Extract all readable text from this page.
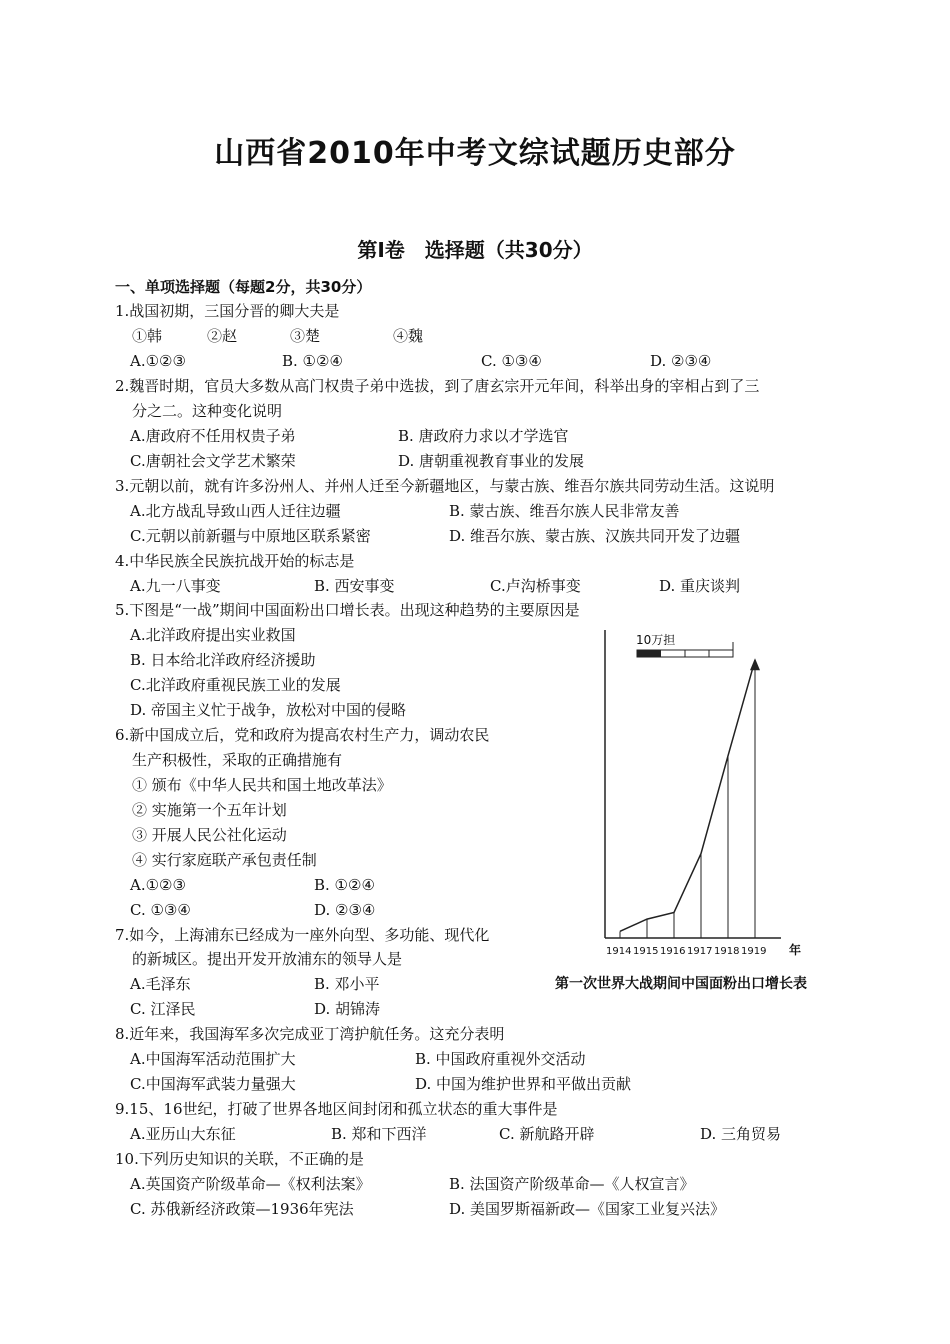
山西省2010年中考文综试题历史部分
第Ⅰ卷　选择题（共30分）
一、单项选择题（每题2分，共30分）
1.战国初期，三国分晋的卿大夫是
①韩	②赵	③楚	④魏
A.①②③	B. ①②④	C. ①③④	D. ②③④
2.魏晋时期，官员大多数从高门权贵子弟中选拔，到了唐玄宗开元年间，科举出身的宰相占到了三
分之二。这种变化说明
A.唐政府不任用权贵子弟	B. 唐政府力求以才学选官
C.唐朝社会文学艺术繁荣	D. 唐朝重视教育事业的发展
3.元朝以前，就有许多汾州人、并州人迁至今新疆地区，与蒙古族、维吾尔族共同劳动生活。这说明
A.北方战乱导致山西人迁往边疆	B. 蒙古族、维吾尔族人民非常友善
C.元朝以前新疆与中原地区联系紧密	D. 维吾尔族、蒙古族、汉族共同开发了边疆
4.中华民族全民族抗战开始的标志是
A.九一八事变	B. 西安事变	C.卢沟桥事变	D. 重庆谈判
5.下图是“一战”期间中国面粉出口增长表。出现这种趋势的主要原因是
A.北洋政府提出实业救国
B. 日本给北洋政府经济援助
C.北洋政府重视民族工业的发展
D. 帝国主义忙于战争，放松对中国的侵略
6.新中国成立后，党和政府为提高农村生产力，调动农民
生产积极性，采取的正确措施有
① 颁布《中华人民共和国土地改革法》
② 实施第一个五年计划
③ 开展人民公社化运动
④ 实行家庭联产承包责任制
A.①②③	B. ①②④
C. ①③④	D. ②③④
7.如今，上海浦东已经成为一座外向型、多功能、现代化
的新城区。提出开发开放浦东的领导人是
A.毛泽东	B. 邓小平
C. 江泽民	D. 胡锦涛
8.近年来，我国海军多次完成亚丁湾护航任务。这充分表明
A.中国海军活动范围扩大	B. 中国政府重视外交活动
C.中国海军武装力量强大	D. 中国为维护世界和平做出贡献
9.15、16世纪，打破了世界各地区间封闭和孤立状态的重大事件是
A.亚历山大东征	B. 郑和下西洋	C. 新航路开辟	D. 三角贸易
10.下列历史知识的关联，不正确的是
A.英国资产阶级革命—《权利法案》	B. 法国资产阶级革命—《人权宣言》
C. 苏俄新经济政策—1936年宪法	D. 美国罗斯福新政—《国家工业复兴法》
10万担
1914 1915 1916 1917 1918 1919 年
第一次世界大战期间中国面粉出口增长表
